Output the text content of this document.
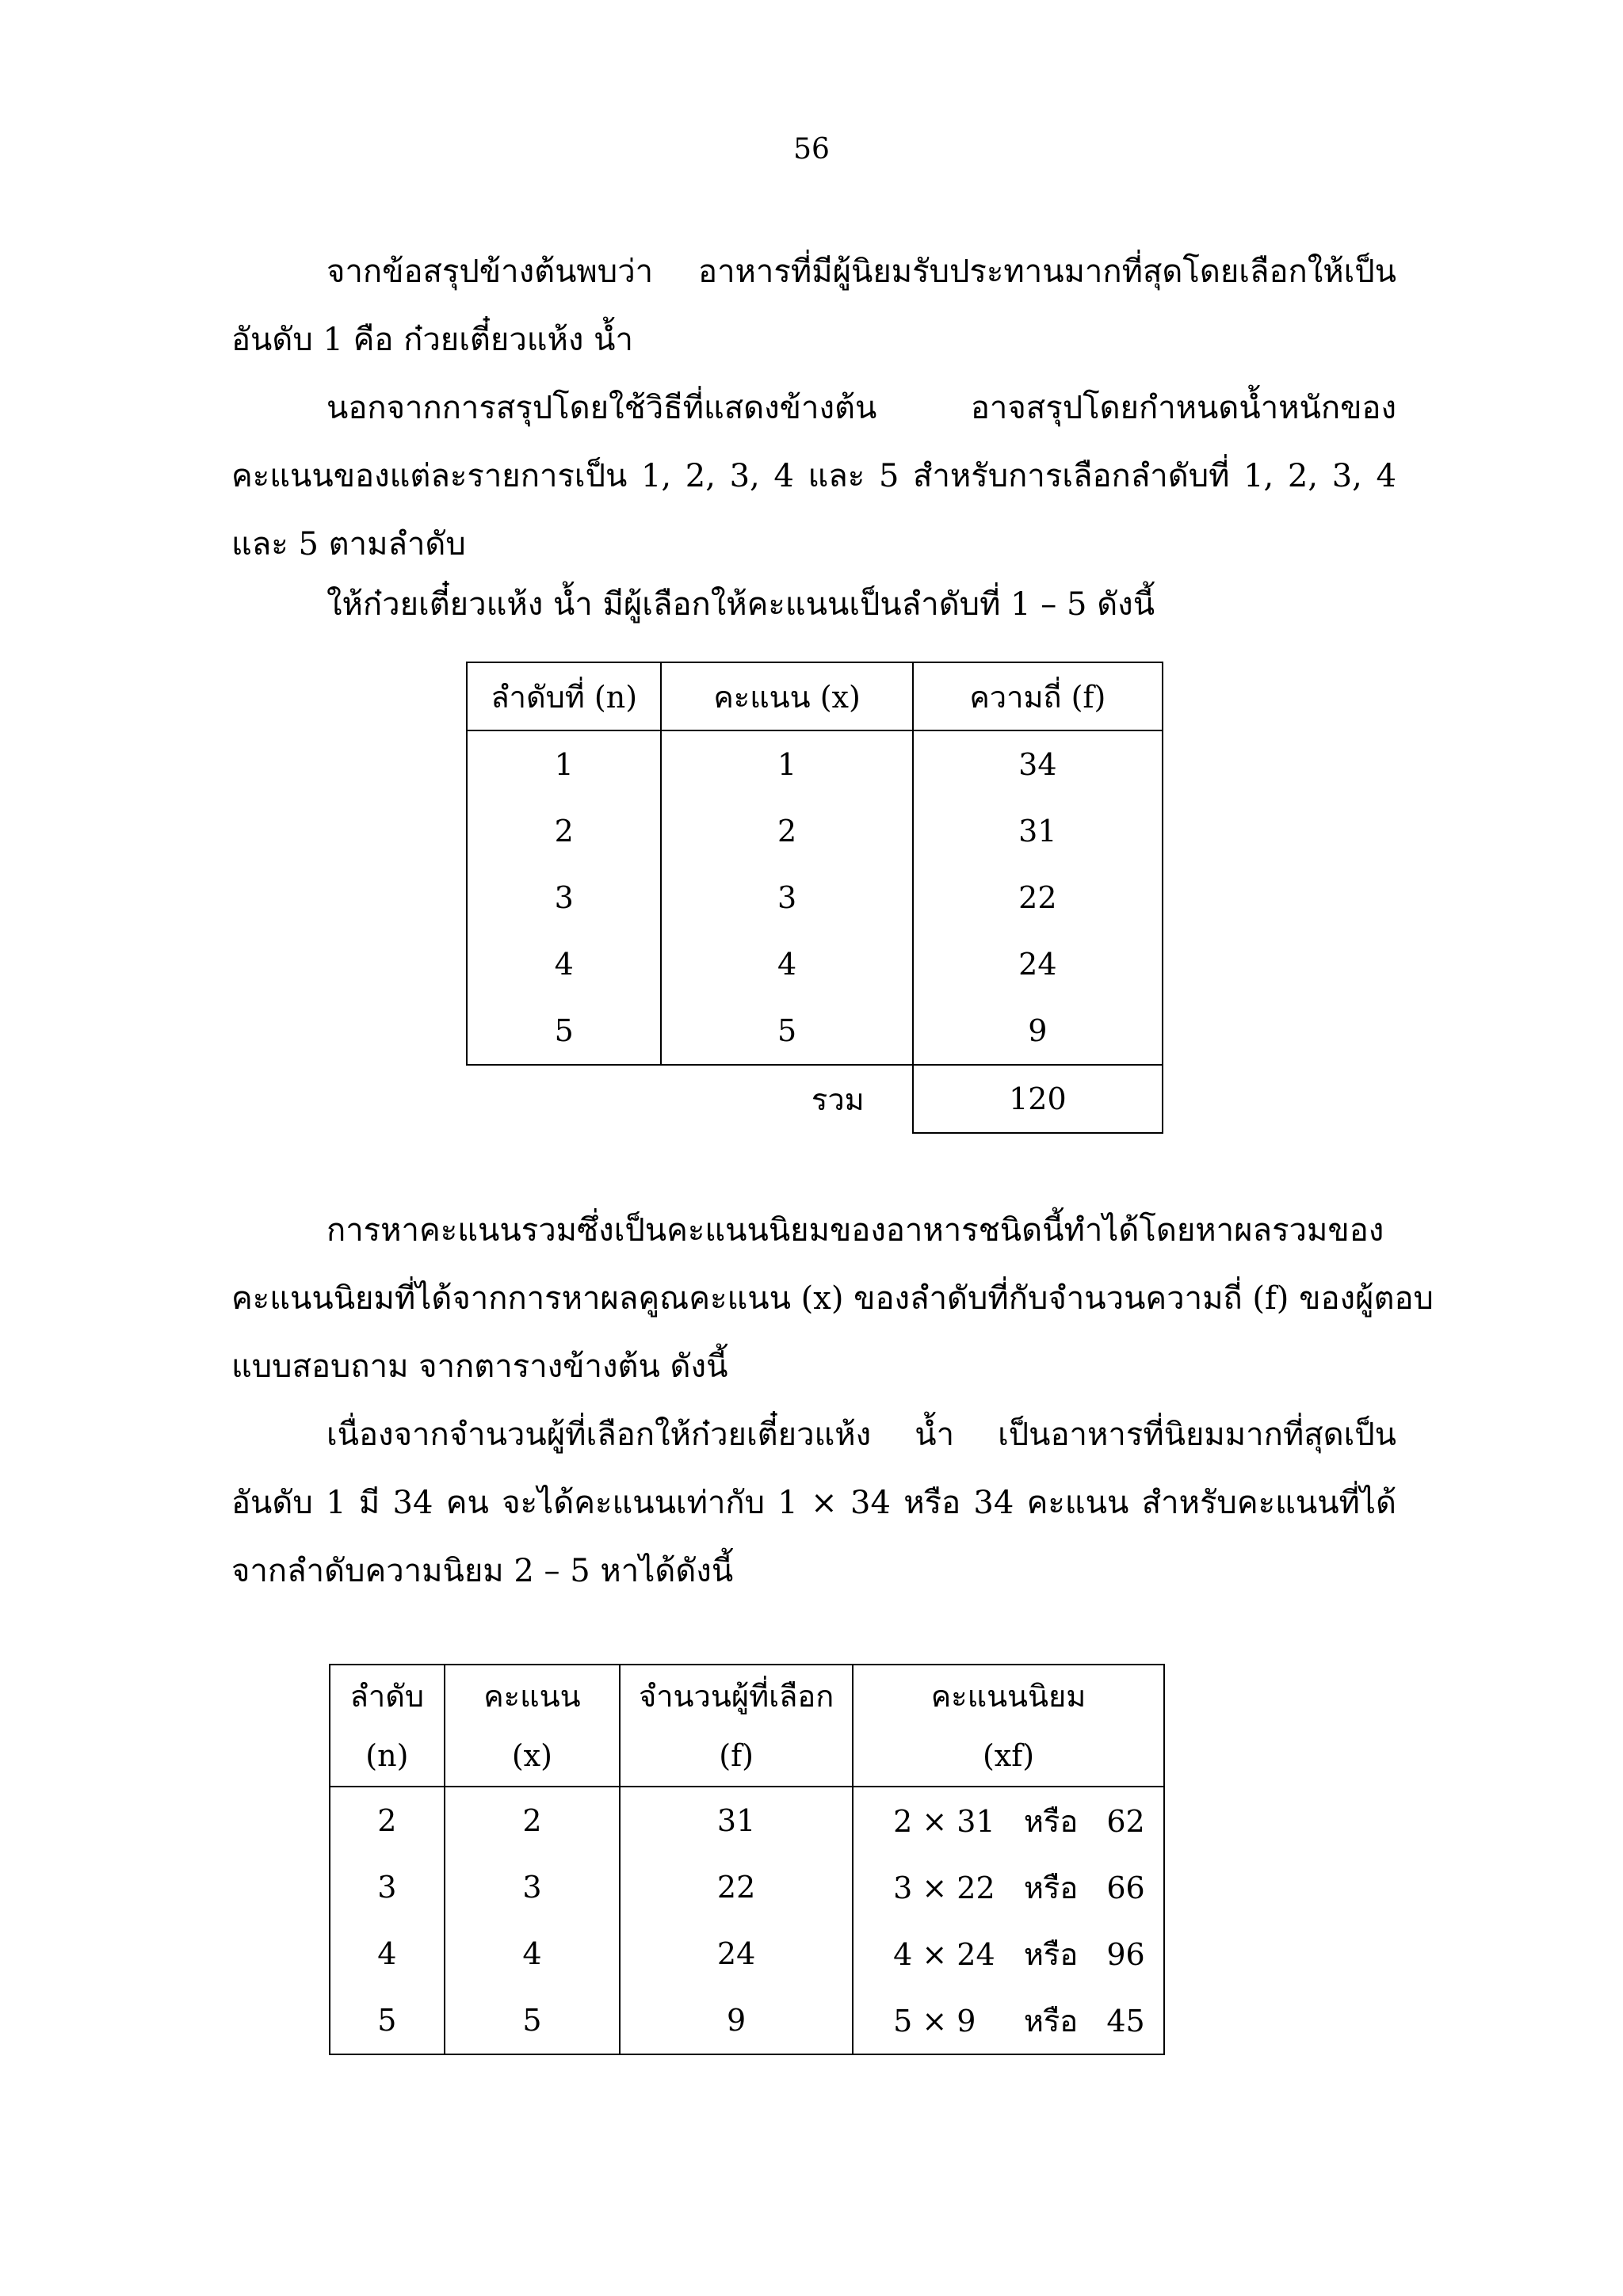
56
จากข้อสรุปข้างต้นพบว่า อาหารที่มีผู้นิยมรับประทานมากที่สุดโดยเลือกให้เป็น
อันดับ 1 คือ ก๋วยเตี๋ยวแห้ง น้ำ
นอกจากการสรุปโดยใช้วิธีที่แสดงข้างต้น อาจสรุปโดยกำหนดน้ำหนักของ
คะแนนของแต่ละรายการเป็น 1, 2, 3, 4 และ 5 สำหรับการเลือกลำดับที่ 1, 2, 3, 4
และ 5 ตามลำดับ
ให้ก๋วยเตี๋ยวแห้ง น้ำ มีผู้เลือกให้คะแนนเป็นลำดับที่ 1 – 5 ดังนี้
ลำดับที่ (n)	คะแนน (x)	ความถี่ (f)
1	1	34
2	2	31
3	3	22
4	4	24
5	5	9
	รวม	120
การหาคะแนนรวมซึ่งเป็นคะแนนนิยมของอาหารชนิดนี้ทำได้โดยหาผลรวมของ
คะแนนนิยมที่ได้จากการหาผลคูณคะแนน (x) ของลำดับที่กับจำนวนความถี่ (f) ของผู้ตอบ
แบบสอบถาม จากตารางข้างต้น ดังนี้
เนื่องจากจำนวนผู้ที่เลือกให้ก๋วยเตี๋ยวแห้ง น้ำ เป็นอาหารที่นิยมมากที่สุดเป็น
อันดับ 1 มี 34 คน จะได้คะแนนเท่ากับ 1 × 34 หรือ 34 คะแนน สำหรับคะแนนที่ได้
จากลำดับความนิยม 2 – 5 หาได้ดังนี้
ลำดับ	คะแนน	จำนวนผู้ที่เลือก	คะแนนนิยม
(n)	(x)	(f)	(xf)
2	2	31	2 × 31   หรือ   62
3	3	22	3 × 22   หรือ   66
4	4	24	4 × 24   หรือ   96
5	5	9	5 × 9     หรือ   45
